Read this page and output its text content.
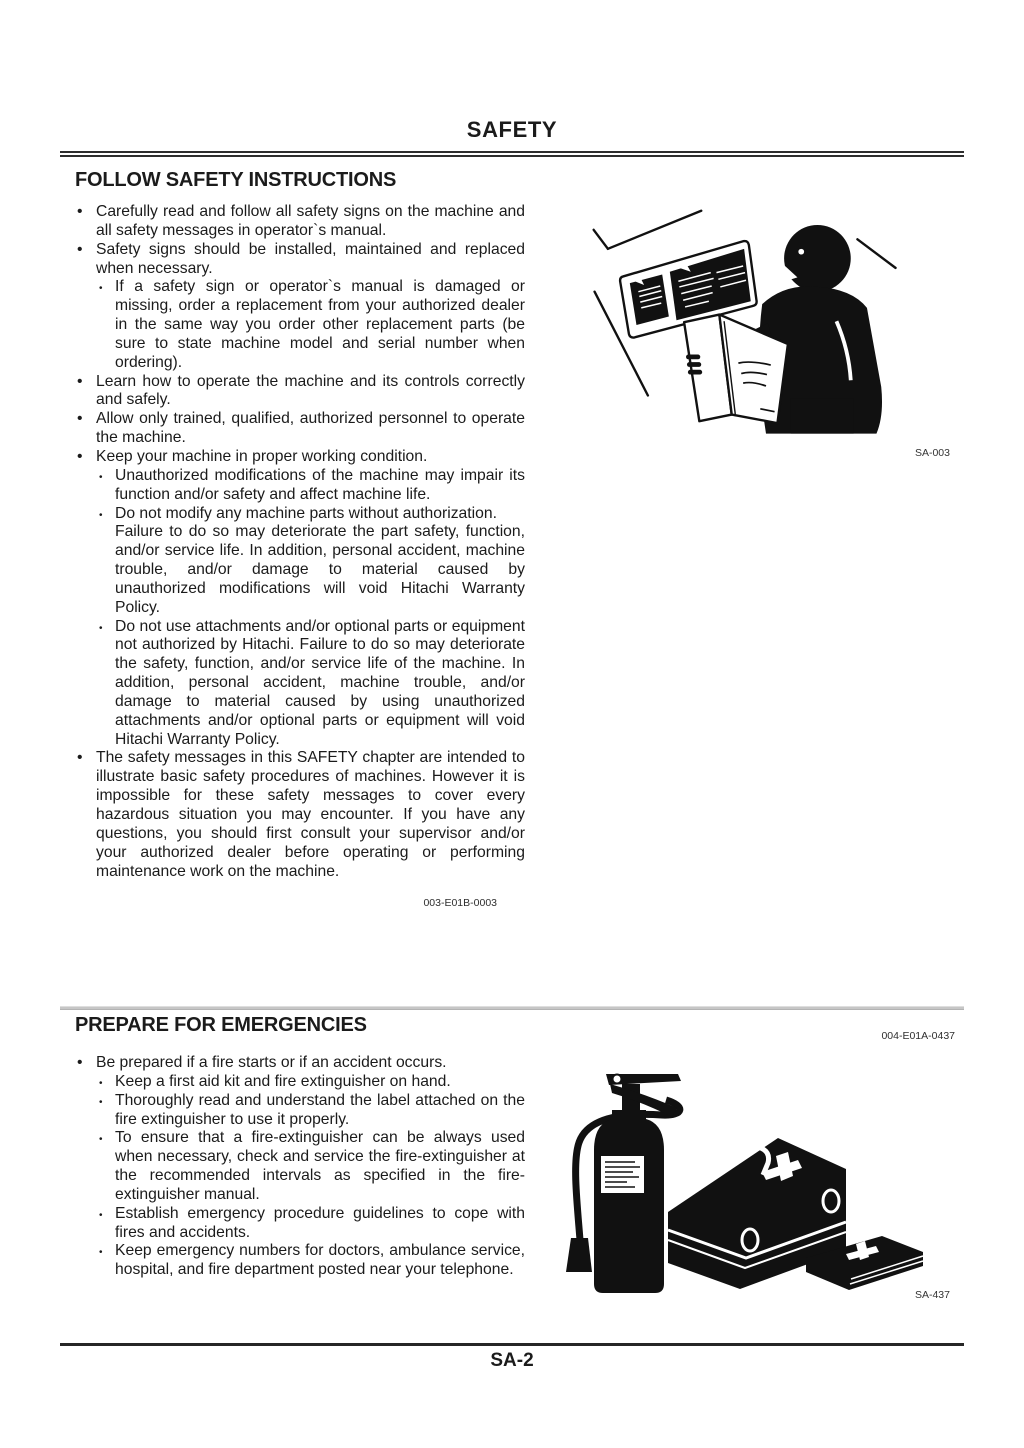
SAFETY
FOLLOW SAFETY INSTRUCTIONS
• Carefully read and follow all safety signs on the machine and all safety messages in operator`s manual.
• Safety signs should be installed, maintained and replaced when necessary.
• If a safety sign or operator`s manual is damaged or missing, order a replacement from your authorized dealer in the same way you order other replacement parts (be sure to state machine model and serial number when ordering).
• Learn how to operate the machine and its controls correctly and safely.
• Allow only trained, qualified, authorized personnel to operate the machine.
• Keep your machine in proper working condition.
• Unauthorized modifications of the machine may impair its function and/or safety and affect machine life.
• Do not modify any machine parts without authorization.
Failure to do so may deteriorate the part safety, function, and/or service life. In addition, personal accident, machine trouble, and/or damage to material caused by unauthorized modifications will void Hitachi Warranty Policy.
• Do not use attachments and/or optional parts or equipment not authorized by Hitachi. Failure to do so may deteriorate the safety, function, and/or service life of the machine. In addition, personal accident, machine trouble, and/or damage to material caused by using unauthorized attachments and/or optional parts or equipment will void Hitachi Warranty Policy.
• The safety messages in this SAFETY chapter are intended to illustrate basic safety procedures of machines. However it is impossible for these safety messages to cover every hazardous situation you may encounter. If you have any questions, you should first consult your supervisor and/or your authorized dealer before operating or performing maintenance work on the machine.
003-E01B-0003
SA-003
PREPARE FOR EMERGENCIES	004-E01A-0437
• Be prepared if a fire starts or if an accident occurs.
• Keep a first aid kit and fire extinguisher on hand.
• Thoroughly read and understand the label attached on the fire extinguisher to use it properly.
• To ensure that a fire-extinguisher can be always used when necessary, check and service the fire-extinguisher at the recommended intervals as specified in the fire-extinguisher manual.
• Establish emergency procedure guidelines to cope with fires and accidents.
• Keep emergency numbers for doctors, ambulance service, hospital, and fire department posted near your telephone.
SA-437
SA-2
